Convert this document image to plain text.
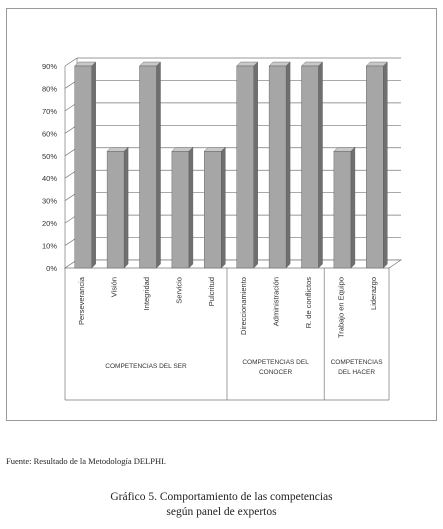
0%
10%
20%
30%
40%
50%
60%
70%
80%
90%
Perseverancia	Visión	Integridad	Servicio	Pulcritud	Direccionamiento	Administración	R. de conflictos	Trabajo en Equipo	Liderazgo
COMPETENCIAS DEL SER
COMPETENCIAS DEL
CONOCER
COMPETENCIAS
DEL HACER
Fuente: Resultado de la Metodología DELPHI.
Gráfico 5. Comportamiento de las competencias
según panel de expertos
